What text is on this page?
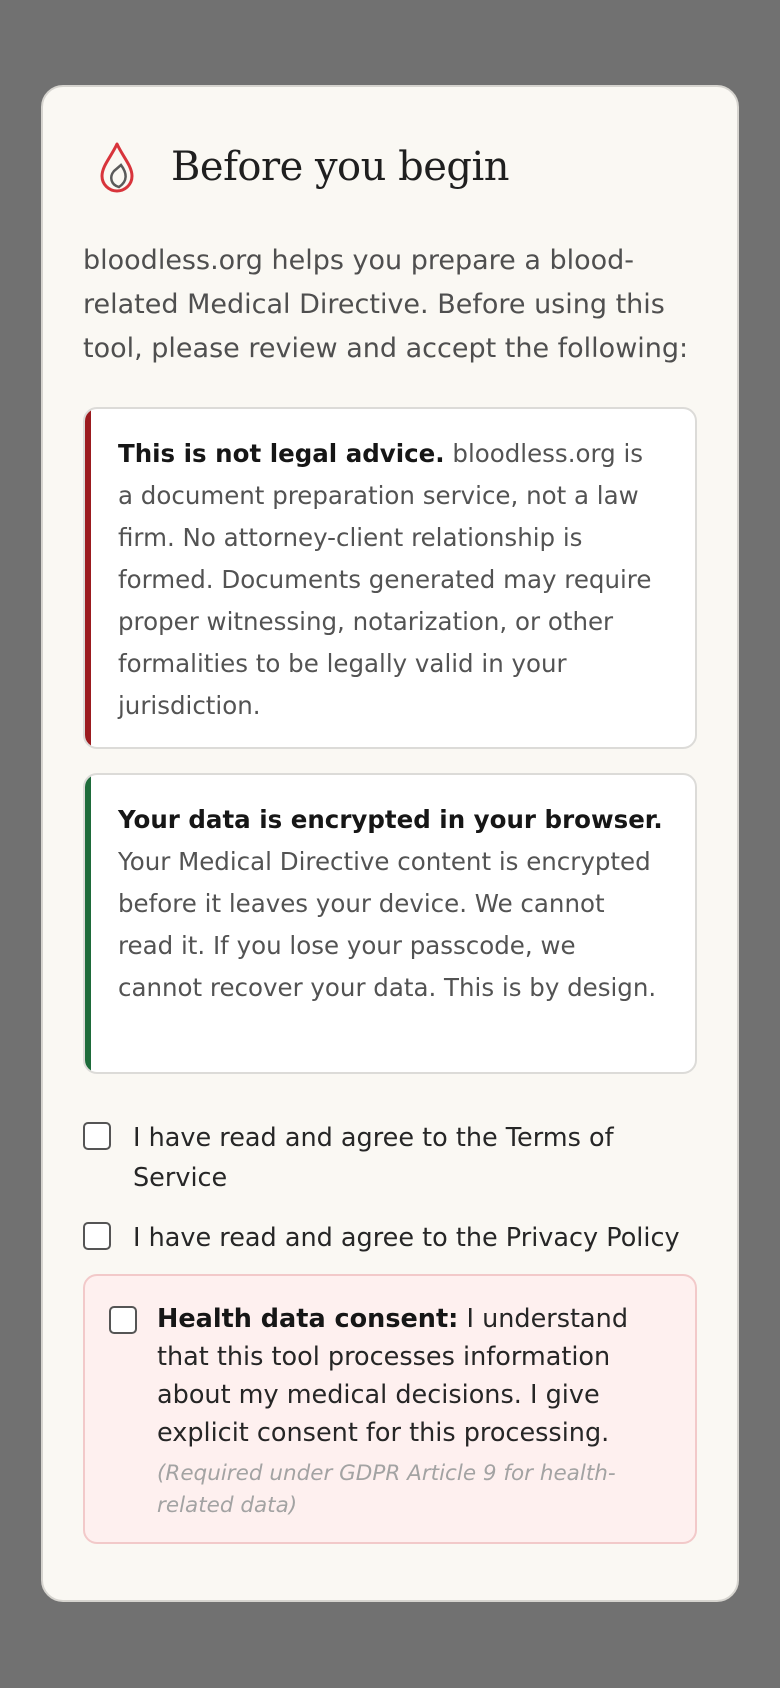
Before you begin

bloodless.org helps you prepare a blood-related Medical Directive. Before using this tool, please review and accept the following:

This is not legal advice. bloodless.org is a document preparation service, not a law firm. No attorney-client relationship is formed. Documents generated may require proper witnessing, notarization, or other formalities to be legally valid in your jurisdiction.
Your data is encrypted in your browser. Your Medical Directive content is encrypted before it leaves your device. We cannot read it. If you lose your passcode, we cannot recover your data. This is by design.
I have read and agree to the Terms of Service
I have read and agree to the Privacy Policy
Health data consent: I understand that this tool processes information about my medical decisions. I give explicit consent for this processing.
(Required under GDPR Article 9 for health-related data)
